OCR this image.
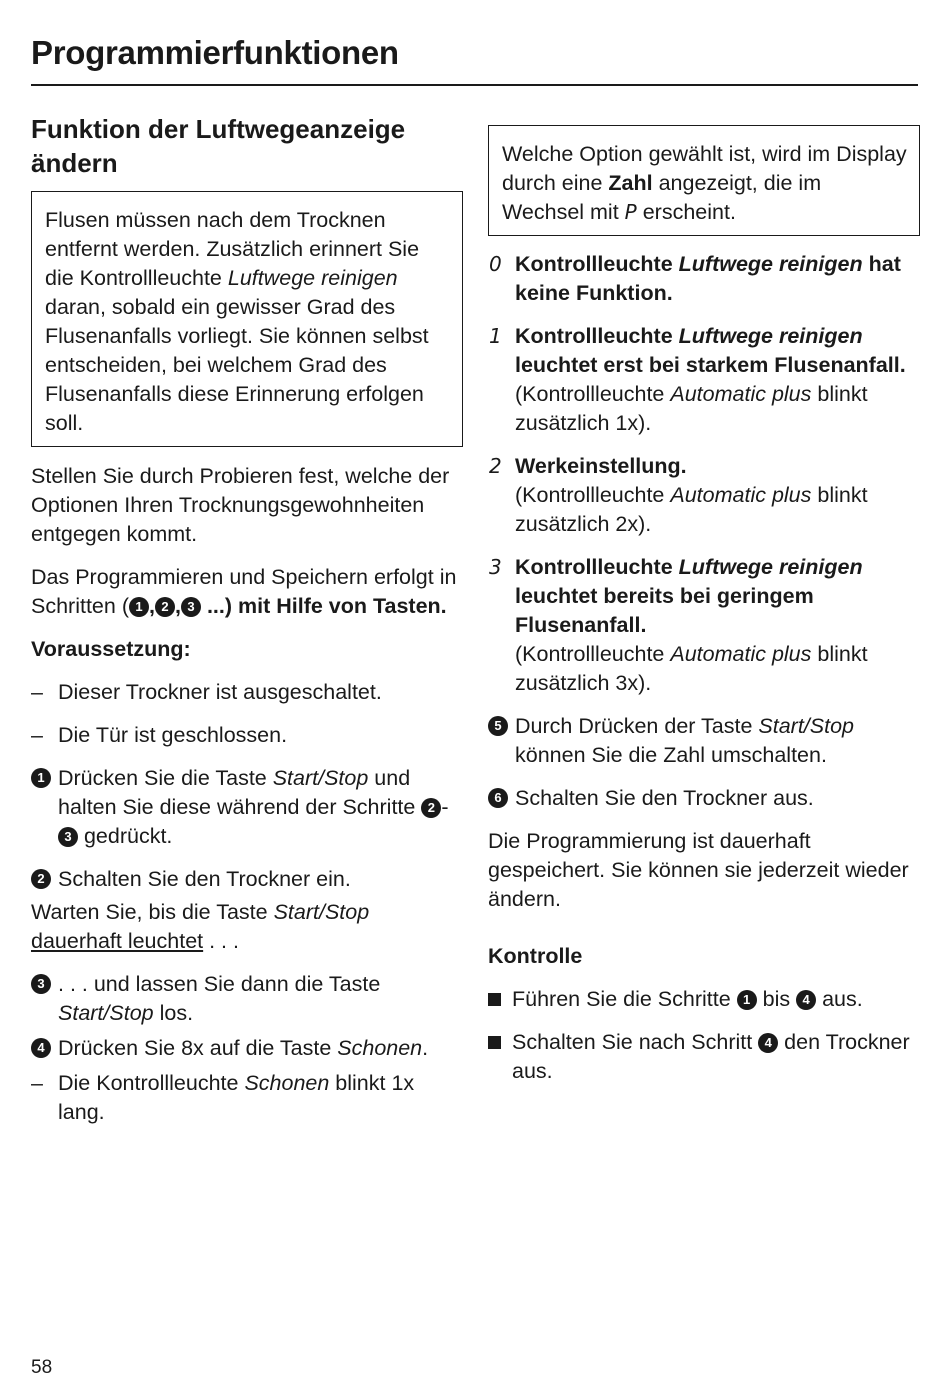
Programmierfunktionen
Funktion der Luftwegeanzeige
ändern
Flusen müssen nach dem Trocknen entfernt werden. Zusätzlich erinnert Sie die Kontrollleuchte Luftwege reinigen daran, sobald ein gewisser Grad des Flusenanfalls vorliegt. Sie können selbst entscheiden, bei welchem Grad des Flusenanfalls diese Erinnerung erfolgen soll.

Stellen Sie durch Probieren fest, welche der Optionen Ihren Trocknungsgewohnheiten entgegen kommt.

Das Programmieren und Speichern erfolgt in Schritten ( 1 , 2 , 3 ...) mit Hilfe von Tasten.

Voraussetzung:

– Dieser Trockner ist ausgeschaltet.
– Die Tür ist geschlossen.
1 Drücken Sie die Taste Start/Stop und halten Sie diese während der Schritte 2 -3 gedrückt.
2 Schalten Sie den Trockner ein.

Warten Sie, bis die Taste Start/Stop
dauerhaft leuchtet . . .

3 . . . und lassen Sie dann die Taste Start/Stop los.
4 Drücken Sie 8x auf die Taste Schonen.
– Die Kontrollleuchte Schonen blinkt 1x lang.
Welche Option gewählt ist, wird im Display durch eine Zahl angezeigt, die im Wechsel mit P erscheint.
0 Kontrollleuchte Luftwege reinigen hat keine Funktion.
1 Kontrollleuchte Luftwege reinigen leuchtet erst bei starkem Flusenanfall.
(Kontrollleuchte Automatic plus blinkt zusätzlich 1x).
2 Werkeinstellung.
(Kontrollleuchte Automatic plus blinkt zusätzlich 2x).
3 Kontrollleuchte Luftwege reinigen leuchtet bereits bei geringem Flusenanfall.
(Kontrollleuchte Automatic plus blinkt zusätzlich 3x).
5 Durch Drücken der Taste Start/Stop können Sie die Zahl umschalten.
6 Schalten Sie den Trockner aus.

Die Programmierung ist dauerhaft gespeichert. Sie können sie jederzeit wieder ändern.

Kontrolle

Führen Sie die Schritte 1 bis 4 aus.
Schalten Sie nach Schritt 4 den Trockner aus.
58
